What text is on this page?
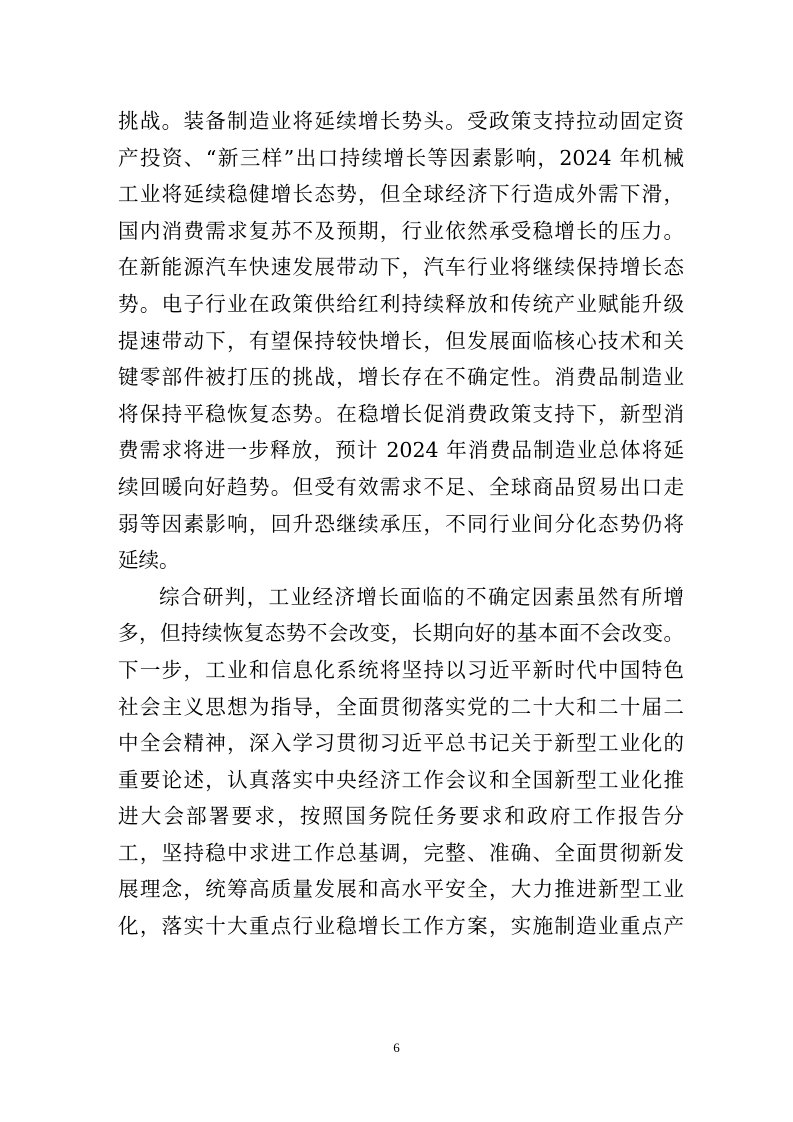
挑战。装备制造业将延续增长势头。受政策支持拉动固定资
产投资、“新三样”出口持续增长等因素影响，2024 年机械
工业将延续稳健增长态势，但全球经济下行造成外需下滑，
国内消费需求复苏不及预期，行业依然承受稳增长的压力。
在新能源汽车快速发展带动下，汽车行业将继续保持增长态
势。电子行业在政策供给红利持续释放和传统产业赋能升级
提速带动下，有望保持较快增长，但发展面临核心技术和关
键零部件被打压的挑战，增长存在不确定性。消费品制造业
将保持平稳恢复态势。在稳增长促消费政策支持下，新型消
费需求将进一步释放，预计 2024 年消费品制造业总体将延
续回暖向好趋势。但受有效需求不足、全球商品贸易出口走
弱等因素影响，回升恐继续承压，不同行业间分化态势仍将
延续。
综合研判，工业经济增长面临的不确定因素虽然有所增
多，但持续恢复态势不会改变，长期向好的基本面不会改变。
下一步，工业和信息化系统将坚持以习近平新时代中国特色
社会主义思想为指导，全面贯彻落实党的二十大和二十届二
中全会精神，深入学习贯彻习近平总书记关于新型工业化的
重要论述，认真落实中央经济工作会议和全国新型工业化推
进大会部署要求，按照国务院任务要求和政府工作报告分
工，坚持稳中求进工作总基调，完整、准确、全面贯彻新发
展理念，统筹高质量发展和高水平安全，大力推进新型工业
化，落实十大重点行业稳增长工作方案，实施制造业重点产
6
